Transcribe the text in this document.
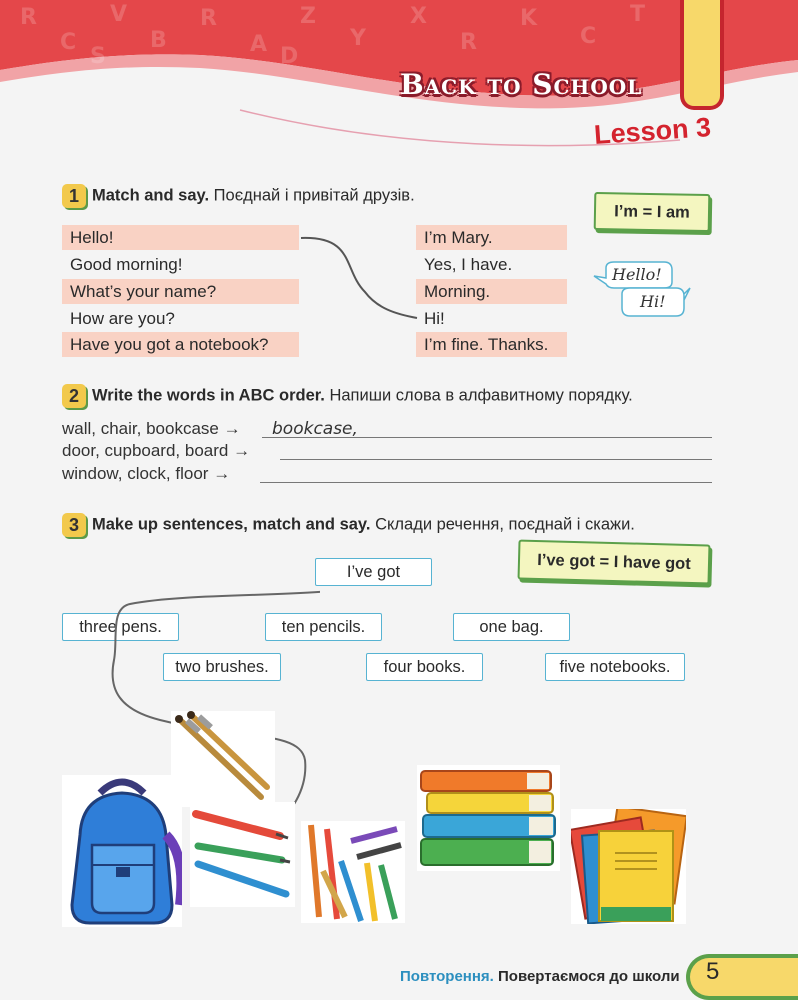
R
C
V
B
R
A
Z
Y
X
R
K
C
T
S	D
Back to School
Lesson 3
1 Match and say. Поєднай і привітай друзів.
Hello!
Good morning!
What’s your name?
How are you?
Have you got a notebook?
I’m Mary.
Yes, I have.
Morning.
Hi!
I’m fine. Thanks.
I’m = I am
Hello!
Hi!
2 Write the words in ABC order. Напиши слова в алфавитному порядку.
wall, chair, bookcase → bookcase,
door, cupboard, board →
window, clock, floor →
3 Make up sentences, match and say. Склади речення, поєднай і скажи.
I’ve got = I have got
I’ve got
three pens.	ten pencils.	one bag.
two brushes.	four books.	five notebooks.
Повторення. Повертаємося до школи 5
